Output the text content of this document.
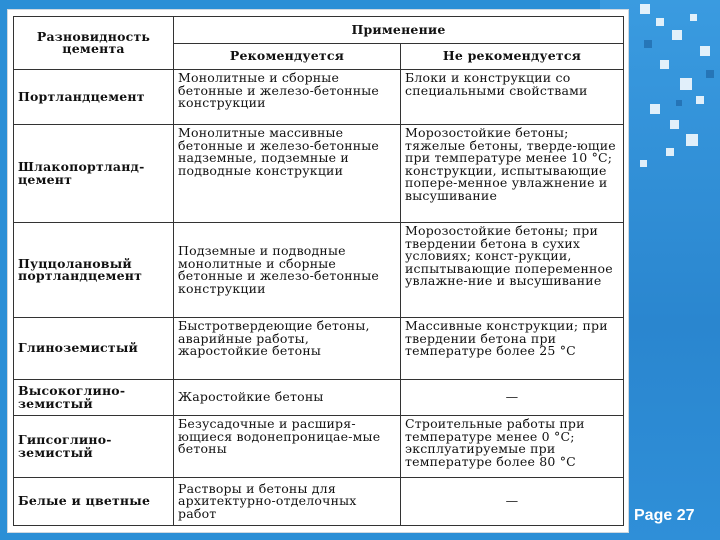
Разновидность цемента	Применение	
	Рекомендуется	Не рекомендуется
Портландцемент	Монолитные и сборные бетонные и железо-бетонные конструкции	Блоки и конструкции со специальными свойствами
Шлакопортланд-цемент	Монолитные массивные бетонные и железо-бетонные надземные, подземные и подводные конструкции	Морозостойкие бетоны; тяжелые бетоны, тверде-ющие при температуре менее 10 °С; конструкции, испытывающие попере-менное увлажнение и высушивание
Пуццолановый портландцемент	Подземные и подводные монолитные и сборные бетонные и железо-бетонные конструкции	Морозостойкие бетоны; при твердении бетона в сухих условиях; конст-рукции, испытывающие попеременное увлажне-ние и высушивание
Глиноземистый	Быстротвердеющие бетоны, аварийные работы, жаростойкие бетоны	Массивные конструкции; при твердении бетона при температуре более 25 °С
Высокоглино-земистый	Жаростойкие бетоны	—
Гипсоглино-земистый	Безусадочные и расширя-ющиеся водонепроницае-мые бетоны	Строительные работы при температуре менее 0 °С; эксплуатируемые при температуре более 80 °С
Белые и цветные	Растворы и бетоны для архитектурно-отделочных работ	—
Page 27
